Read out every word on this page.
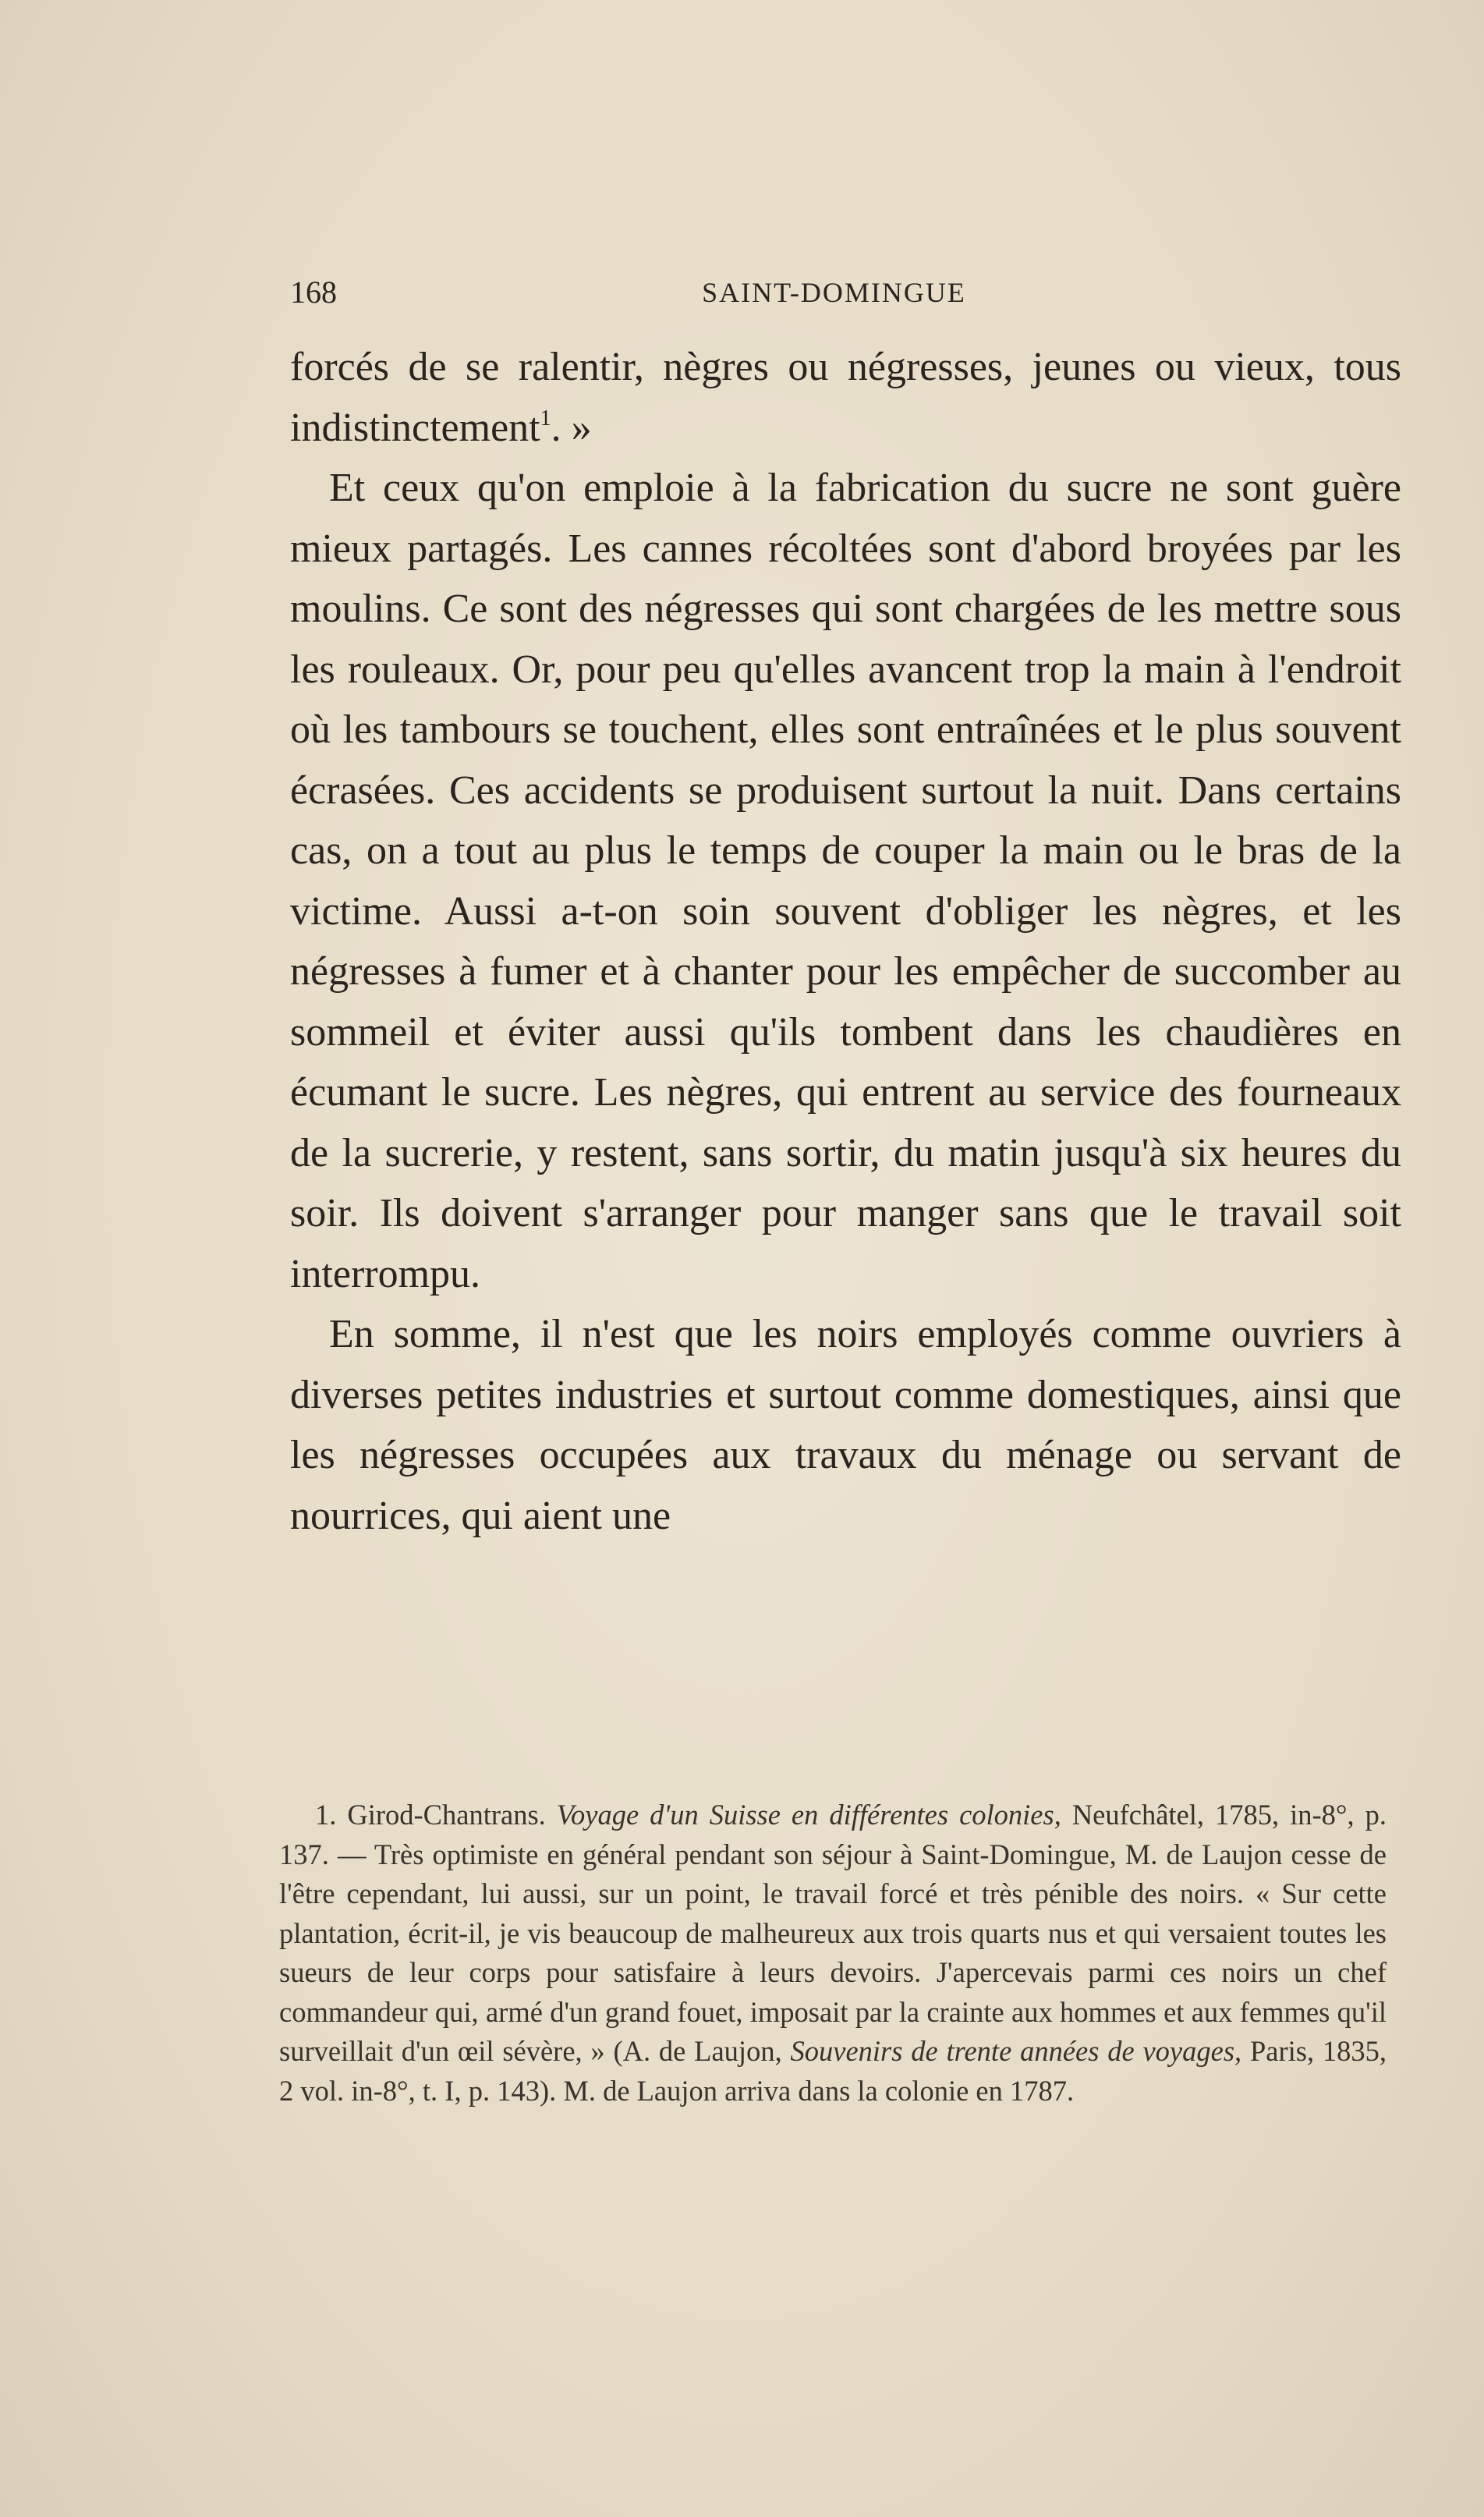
168	SAINT-DOMINGUE

forcés de se ralentir, nègres ou négresses, jeunes ou vieux, tous indistinctement$^1$. »

Et ceux qu'on emploie à la fabrication du sucre ne sont guère mieux partagés. Les cannes récoltées sont d'abord broyées par les moulins. Ce sont des négresses qui sont chargées de les mettre sous les rouleaux. Or, pour peu qu'elles avancent trop la main à l'endroit où les tambours se touchent, elles sont entraînées et le plus souvent écrasées. Ces accidents se produisent surtout la nuit. Dans certains cas, on a tout au plus le temps de couper la main ou le bras de la victime. Aussi a-t-on soin souvent d'obliger les nègres, et les négresses à fumer et à chanter pour les empêcher de succomber au sommeil et éviter aussi qu'ils tombent dans les chaudières en écumant le sucre. Les nègres, qui entrent au service des fourneaux de la sucrerie, y restent, sans sortir, du matin jusqu'à six heures du soir. Ils doivent s'arranger pour manger sans que le travail soit interrompu.

En somme, il n'est que les noirs employés comme ouvriers à diverses petites industries et surtout comme domestiques, ainsi que les négresses occupées aux travaux du ménage ou servant de nourrices, qui aient une

1. Girod-Chantrans. Voyage d'un Suisse en différentes colonies, Neufchâtel, 1785, in-8°, p. 137. — Très optimiste en général pendant son séjour à Saint-Domingue, M. de Laujon cesse de l'être cependant, lui aussi, sur un point, le travail forcé et très pénible des noirs. « Sur cette plantation, écrit-il, je vis beaucoup de malheureux aux trois quarts nus et qui versaient toutes les sueurs de leur corps pour satisfaire à leurs devoirs. J'apercevais parmi ces noirs un chef commandeur qui, armé d'un grand fouet, imposait par la crainte aux hommes et aux femmes qu'il surveillait d'un œil sévère, » (A. de Laujon, Souvenirs de trente années de voyages, Paris, 1835, 2 vol. in-8°, t. I, p. 143). M. de Laujon arriva dans la colonie en 1787.
